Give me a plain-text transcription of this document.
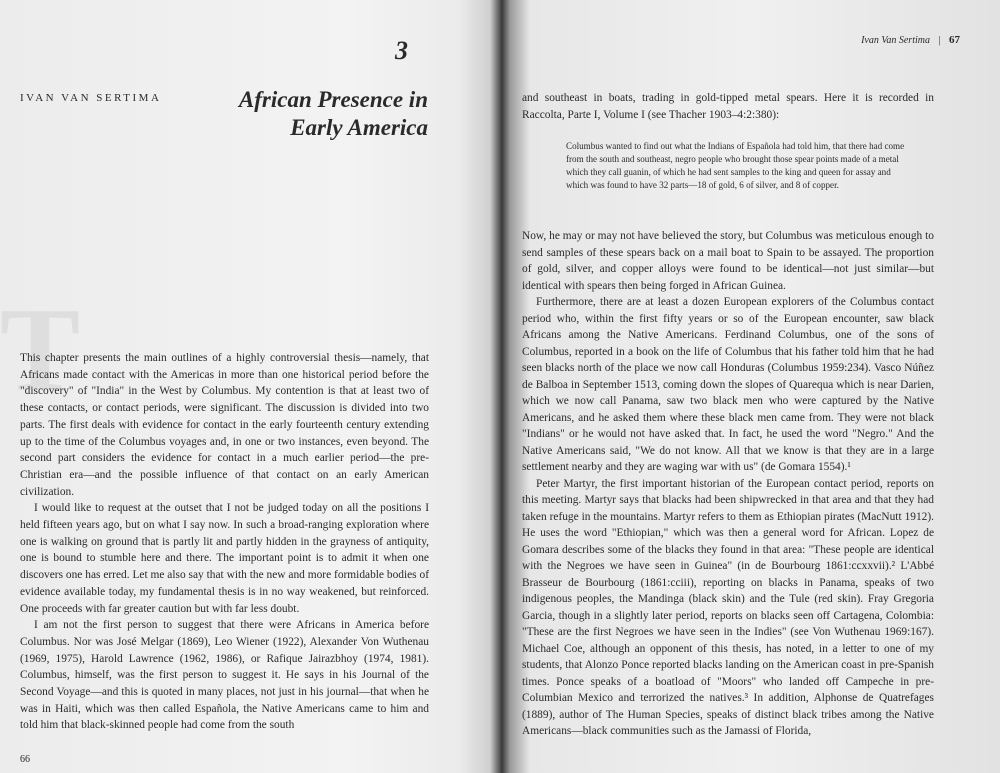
3
IVAN VAN SERTIMA	African Presence in
Early America
T

This chapter presents the main outlines of a highly controversial thesis—namely, that Africans made contact with the Americas in more than one historical period before the "discovery" of "India" in the West by Columbus. My contention is that at least two of these contacts, or contact periods, were significant. The discussion is divided into two parts. The first deals with evidence for contact in the early fourteenth century extending up to the time of the Columbus voyages and, in one or two instances, even beyond. The second part considers the evidence for contact in a much earlier period—the pre-Christian era—and the possible influence of that contact on an early American civilization.

I would like to request at the outset that I not be judged today on all the positions I held fifteen years ago, but on what I say now. In such a broad-ranging exploration where one is walking on ground that is partly lit and partly hidden in the grayness of antiquity, one is bound to stumble here and there. The important point is to admit it when one discovers one has erred. Let me also say that with the new and more formidable bodies of evidence available today, my fundamental thesis is in no way weakened, but reinforced. One proceeds with far greater caution but with far less doubt.

I am not the first person to suggest that there were Africans in America before Columbus. Nor was José Melgar (1869), Leo Wiener (1922), Alexander Von Wuthenau (1969, 1975), Harold Lawrence (1962, 1986), or Rafique Jairazbhoy (1974, 1981). Columbus, himself, was the first person to suggest it. He says in his Journal of the Second Voyage—and this is quoted in many places, not just in his journal—that when he was in Haiti, which was then called Española, the Native Americans came to him and told him that black-skinned people had come from the south

66
Ivan Van Sertima | 67
and southeast in boats, trading in gold-tipped metal spears. Here it is recorded in Raccolta, Parte I, Volume I (see Thacher 1903–4:2:380):
Columbus wanted to find out what the Indians of Española had told him, that there had come from the south and southeast, negro people who brought those spear points made of a metal which they call guanin, of which he had sent samples to the king and queen for assay and which was found to have 32 parts—18 of gold, 6 of silver, and 8 of copper.

Now, he may or may not have believed the story, but Columbus was meticulous enough to send samples of these spears back on a mail boat to Spain to be assayed. The proportion of gold, silver, and copper alloys were found to be identical—not just similar—but identical with spears then being forged in African Guinea.

Furthermore, there are at least a dozen European explorers of the Columbus contact period who, within the first fifty years or so of the European encounter, saw black Africans among the Native Americans. Ferdinand Columbus, one of the sons of Columbus, reported in a book on the life of Columbus that his father told him that he had seen blacks north of the place we now call Honduras (Columbus 1959:234). Vasco Núñez de Balboa in September 1513, coming down the slopes of Quarequa which is near Darien, which we now call Panama, saw two black men who were captured by the Native Americans, and he asked them where these black men came from. They were not black "Indians" or he would not have asked that. In fact, he used the word "Negro." And the Native Americans said, "We do not know. All that we know is that they are in a large settlement nearby and they are waging war with us" (de Gomara 1554).¹

Peter Martyr, the first important historian of the European contact period, reports on this meeting. Martyr says that blacks had been shipwrecked in that area and that they had taken refuge in the mountains. Martyr refers to them as Ethiopian pirates (MacNutt 1912). He uses the word "Ethiopian," which was then a general word for African. Lopez de Gomara describes some of the blacks they found in that area: "These people are identical with the Negroes we have seen in Guinea" (in de Bourbourg 1861:ccxxvii).² L'Abbé Brasseur de Bourbourg (1861:cciii), reporting on blacks in Panama, speaks of two indigenous peoples, the Mandinga (black skin) and the Tule (red skin). Fray Gregoria Garcia, though in a slightly later period, reports on blacks seen off Cartagena, Colombia: "These are the first Negroes we have seen in the Indies" (see Von Wuthenau 1969:167). Michael Coe, although an opponent of this thesis, has noted, in a letter to one of my students, that Alonzo Ponce reported blacks landing on the American coast in pre-Spanish times. Ponce speaks of a boatload of "Moors" who landed off Campeche in pre-Columbian Mexico and terrorized the natives.³ In addition, Alphonse de Quatrefages (1889), author of The Human Species, speaks of distinct black tribes among the Native Americans—black communities such as the Jamassi of Florida,
